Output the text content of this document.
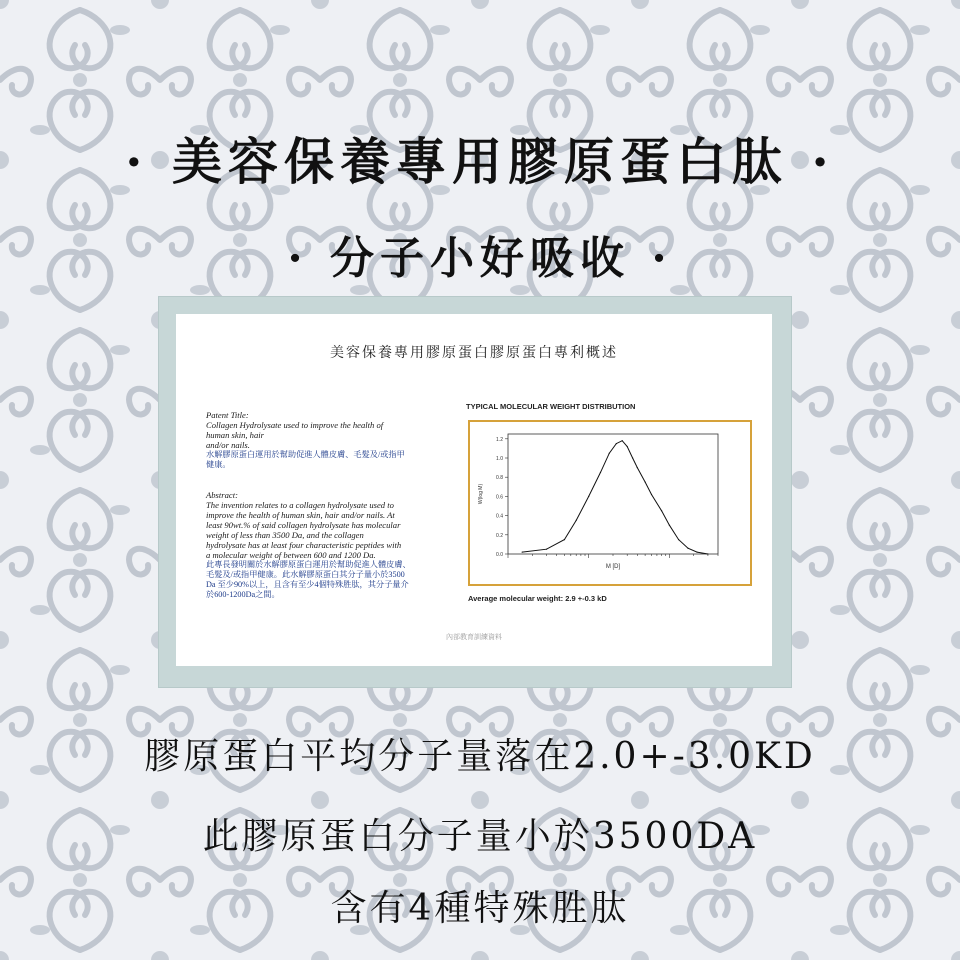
· 美容保養專用膠原蛋白肽 ·
· 分子小好吸收 ·
美容保養專用膠原蛋白膠原蛋白專利概述
Patent Title:
Collagen Hydrolysate used to improve the health of
human skin, hair
and/or nails.
水解膠原蛋白運用於幫助促進人體皮膚、毛髮及/或指甲
健康。
Abstract:
The invention relates to a collagen hydrolysate used to
improve the health of human skin, hair and/or nails. At
least 90wt.% of said collagen hydrolysate has molecular
weight of less than 3500 Da, and the collagen
hydrolysate has at least four characteristic peptides with
a molecular weight of between 600 and 1200 Da.
此專長發明關於水解膠原蛋白運用於幫助促進人體皮膚、
毛髮及/或指甲健康。此水解膠原蛋白其分子量小於3500
Da 至少90%以上，且含有至少4個特殊胜肽，其分子量介
於600-1200Da之間。
TYPICAL MOLECULAR WEIGHT DISTRIBUTION
0.0
0.2
0.4
0.6
0.8
1.0
1.2
M [D]
W(log M)
Average molecular weight: 2.9 +-0.3 kD
內部教育訓練資料
膠原蛋白平均分子量落在2.0+-3.0KD
此膠原蛋白分子量小於3500DA
含有4種特殊胜肽
